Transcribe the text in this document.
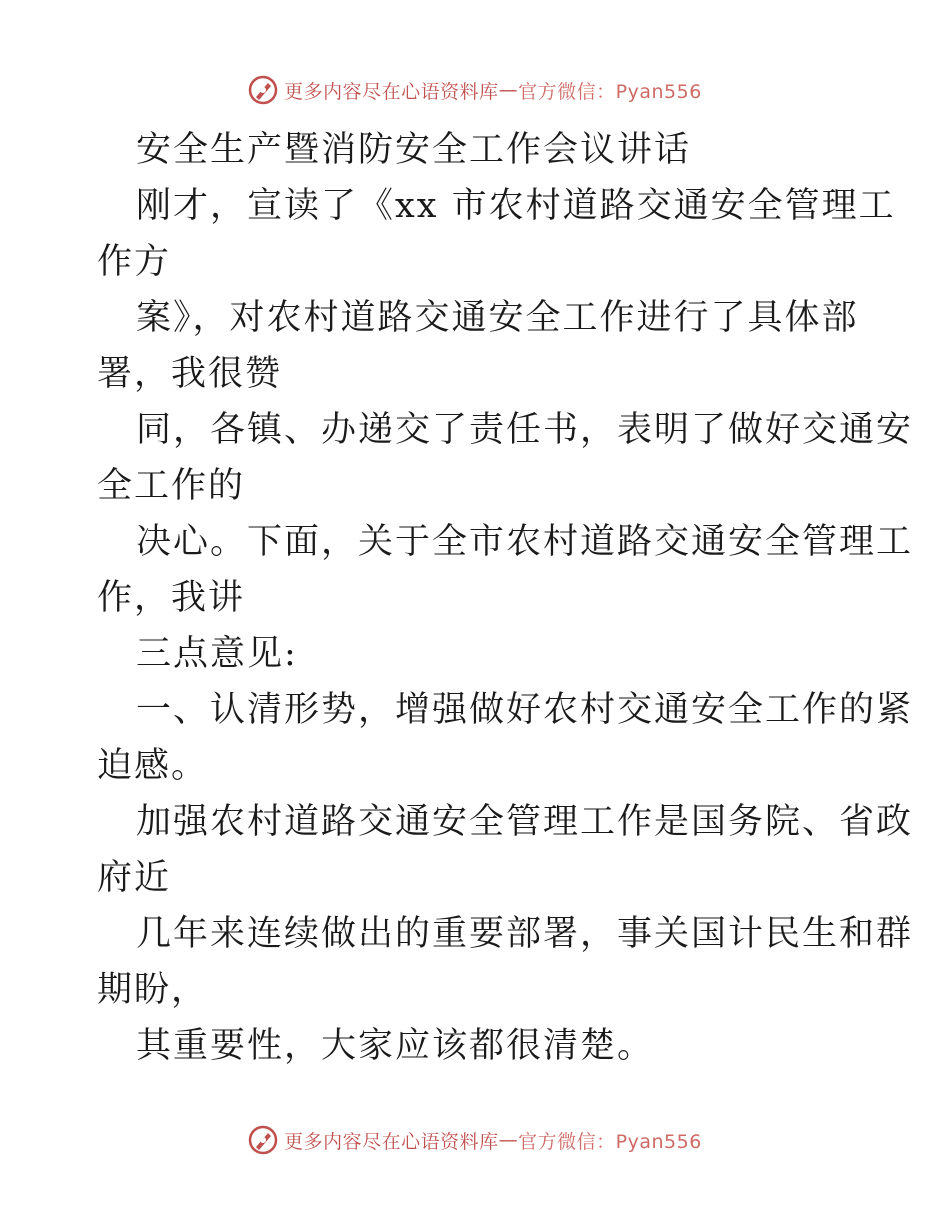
更多内容尽在心语资料库 — 官方微信：Pyan556
安全生产暨消防安全工作会议讲话
刚才，宣读了《xx 市农村道路交通安全管理工
作方
案》，对农村道路交通安全工作进行了具体部
署，我很赞
同，各镇、办递交了责任书，表明了做好交通安
全工作的
决心。下面，关于全市农村道路交通安全管理工
作，我讲
三点意见:
一、认清形势，增强做好农村交通安全工作的紧
迫感。
加强农村道路交通安全管理工作是国务院、省政
府近
几年来连续做出的重要部署，事关国计民生和群
期盼，
其重要性，大家应该都很清楚。
更多内容尽在心语资料库 — 官方微信：Pyan556
